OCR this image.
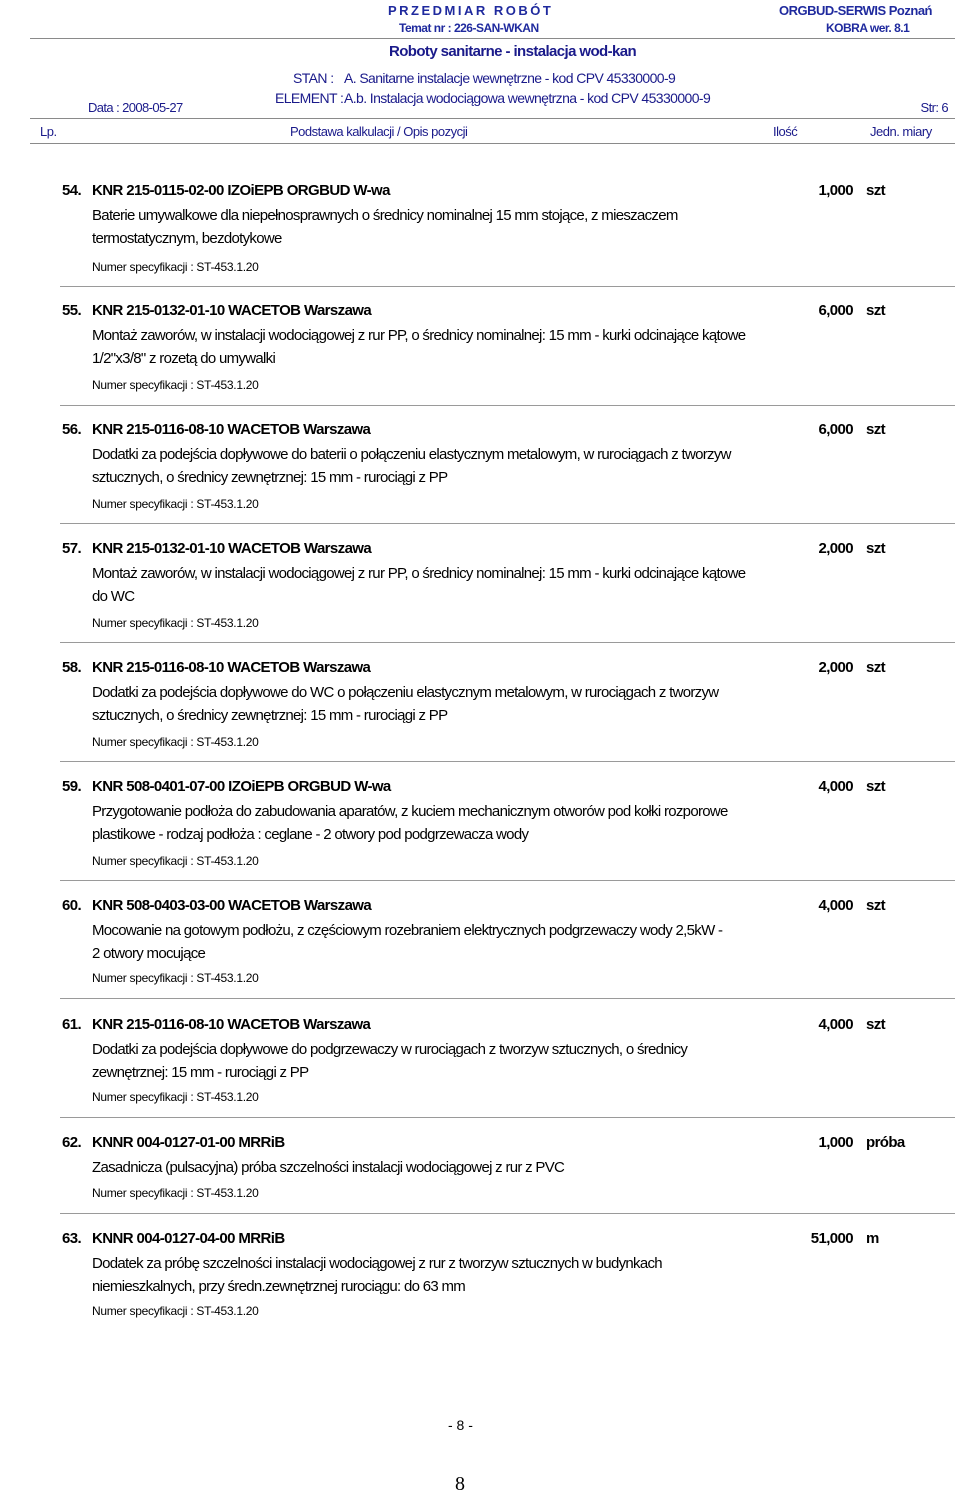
PRZEDMIAR ROBÓT	ORGBUD-SERWIS Poznań
Temat nr : 226-SAN-WKAN	KOBRA wer. 8.1
Roboty sanitarne - instalacja wod-kan
STAN : A. Sanitarne instalacje wewnętrzne - kod CPV 45330000-9
ELEMENT : A.b. Instalacja wodociągowa wewnętrzna - kod CPV 45330000-9
Data : 2008-05-27	Str: 6
Lp.	Podstawa kalkulacji / Opis pozycji	Ilość	Jedn. miary
54. KNR 215-0115-02-00 IZOiEPB ORGBUD W-wa	1,000 szt
Baterie umywalkowe dla niepełnosprawnych o średnicy nominalnej 15 mm stojące, z mieszaczem
termostatycznym, bezdotykowe
Numer specyfikacji : ST-453.1.20
55. KNR 215-0132-01-10 WACETOB Warszawa	6,000 szt
Montaż zaworów, w instalacji wodociągowej z rur PP, o średnicy nominalnej: 15 mm - kurki odcinające kątowe
1/2"x3/8" z rozetą do umywalki
Numer specyfikacji : ST-453.1.20
56. KNR 215-0116-08-10 WACETOB Warszawa	6,000 szt
Dodatki za podejścia dopływowe do baterii o połączeniu elastycznym metalowym, w rurociągach z tworzyw
sztucznych, o średnicy zewnętrznej: 15 mm - rurociągi z PP
Numer specyfikacji : ST-453.1.20
57. KNR 215-0132-01-10 WACETOB Warszawa	2,000 szt
Montaż zaworów, w instalacji wodociągowej z rur PP, o średnicy nominalnej: 15 mm - kurki odcinające kątowe
do WC
Numer specyfikacji : ST-453.1.20
58. KNR 215-0116-08-10 WACETOB Warszawa	2,000 szt
Dodatki za podejścia dopływowe do WC o połączeniu elastycznym metalowym, w rurociągach z tworzyw
sztucznych, o średnicy zewnętrznej: 15 mm - rurociągi z PP
Numer specyfikacji : ST-453.1.20
59. KNR 508-0401-07-00 IZOiEPB ORGBUD W-wa	4,000 szt
Przygotowanie podłoża do zabudowania aparatów, z kuciem mechanicznym otworów pod kołki rozporowe
plastikowe - rodzaj podłoża : ceglane - 2 otwory pod podgrzewacza wody
Numer specyfikacji : ST-453.1.20
60. KNR 508-0403-03-00 WACETOB Warszawa	4,000 szt
Mocowanie na gotowym podłożu, z częściowym rozebraniem elektrycznych podgrzewaczy wody 2,5kW -
2 otwory mocujące
Numer specyfikacji : ST-453.1.20
61. KNR 215-0116-08-10 WACETOB Warszawa	4,000 szt
Dodatki za podejścia dopływowe do podgrzewaczy w rurociągach z tworzyw sztucznych, o średnicy
zewnętrznej: 15 mm - rurociągi z PP
Numer specyfikacji : ST-453.1.20
62. KNNR 004-0127-01-00 MRRiB	1,000 próba
Zasadnicza (pulsacyjna) próba szczelności instalacji wodociągowej z rur z PVC
Numer specyfikacji : ST-453.1.20
63. KNNR 004-0127-04-00 MRRiB	51,000 m
Dodatek za próbę szczelności instalacji wodociągowej z rur z tworzyw sztucznych w budynkach
niemieszkalnych, przy średn.zewnętrznej rurociągu: do 63 mm
Numer specyfikacji : ST-453.1.20
- 8 -
8
